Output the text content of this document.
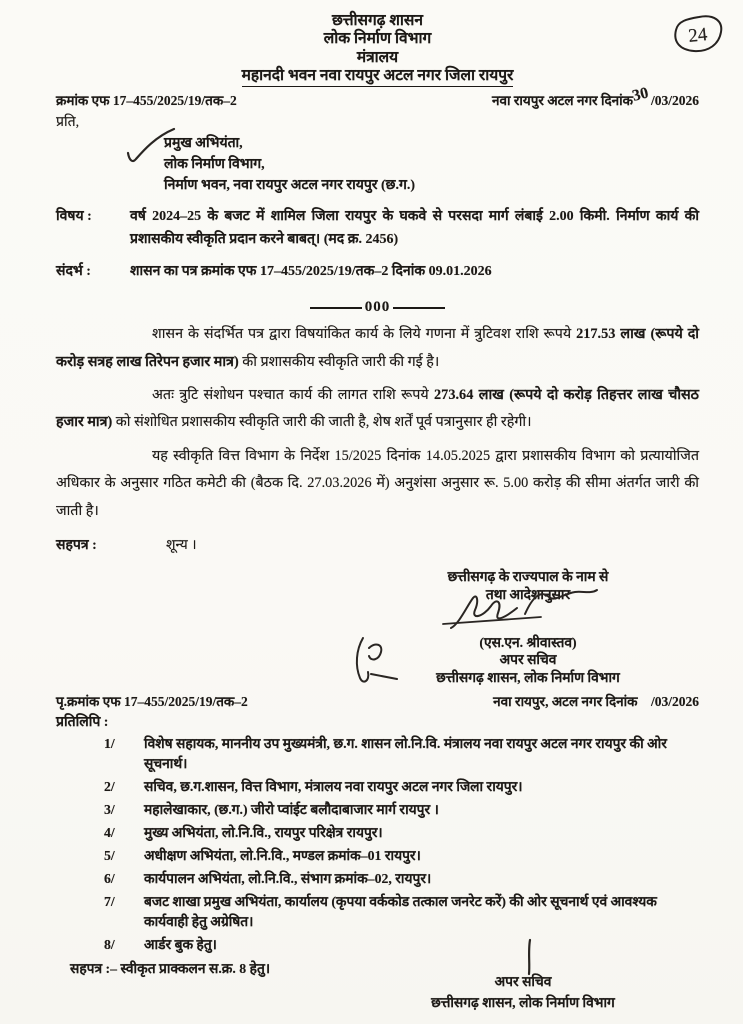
24
छत्तीसगढ़ शासन
लोक निर्माण विभाग
मंत्रालय
महानदी भवन नवा रायपुर अटल नगर जिला रायपुर
क्रमांक एफ 17–455/2025/19/तक–2	नवा रायपुर अटल नगर दिनांक30/03/2026
प्रति,
प्रमुख अभियंता,
लोक निर्माण विभाग,
निर्माण भवन, नवा रायपुर अटल नगर रायपुर (छ.ग.)
विषय :	वर्ष 2024–25 के बजट में शामिल जिला रायपुर के घकवे से परसदा मार्ग लंबाई 2.00 किमी. निर्माण कार्य की प्रशासकीय स्वीकृति प्रदान करने बाबत्। (मद क्र. 2456)
संदर्भ :	शासन का पत्र क्रमांक एफ 17–455/2025/19/तक–2 दिनांक 09.01.2026
000
शासन के संदर्भित पत्र द्वारा विषयांकित कार्य के लिये गणना में त्रुटिवश राशि रूपये 217.53 लाख (रूपये दो करोड़ सत्रह लाख तिरेपन हजार मात्र) की प्रशासकीय स्वीकृति जारी की गई है।
अतः त्रुटि संशोधन पश्चात कार्य की लागत राशि रूपये 273.64 लाख (रूपये दो करोड़ तिहत्तर लाख चौसठ हजार मात्र) को संशोधित प्रशासकीय स्वीकृति जारी की जाती है, शेष शर्तें पूर्व पत्रानुसार ही रहेगी।
यह स्वीकृति वित्त विभाग के निर्देश 15/2025 दिनांक 14.05.2025 द्वारा प्रशासकीय विभाग को प्रत्यायोजित अधिकार के अनुसार गठित कमेटी की (बैठक दि. 27.03.2026 में) अनुशंसा अनुसार रू. 5.00 करोड़ की सीमा अंतर्गत जारी की जाती है।
सहपत्र :	शून्य ।
छत्तीसगढ़ के राज्यपाल के नाम से
तथा आदेशानुसार
(एस.एन. श्रीवास्तव)
अपर सचिव
छत्तीसगढ़ शासन, लोक निर्माण विभाग
पृ.क्रमांक एफ 17–455/2025/19/तक–2	नवा रायपुर, अटल नगर दिनांक    /03/2026
प्रतिलिपि :
1/	विशेष सहायक, माननीय उप मुख्यमंत्री, छ.ग. शासन लो.नि.वि. मंत्रालय नवा रायपुर अटल नगर रायपुर की ओर सूचनार्थ।
2/	सचिव, छ.ग.शासन, वित्त विभाग, मंत्रालय नवा रायपुर अटल नगर जिला रायपुर।
3/	महालेखाकार, (छ.ग.) जीरो प्वांईट बलौदाबाजार मार्ग रायपुर ।
4/	मुख्य अभियंता, लो.नि.वि., रायपुर परिक्षेत्र रायपुर।
5/	अधीक्षण अभियंता, लो.नि.वि., मण्डल क्रमांक–01 रायपुर।
6/	कार्यपालन अभियंता, लो.नि.वि., संभाग क्रमांक–02, रायपुर।
7/	बजट शाखा प्रमुख अभियंता, कार्यालय (कृपया वर्ककोड तत्काल जनरेट करें) की ओर सूचनार्थ एवं आवश्यक कार्यवाही हेतु अग्रेषित।
8/	आर्डर बुक हेतु।
सहपत्र :– स्वीकृत प्राक्कलन स.क्र. 8 हेतु।
अपर सचिव
छत्तीसगढ़ शासन, लोक निर्माण विभाग
